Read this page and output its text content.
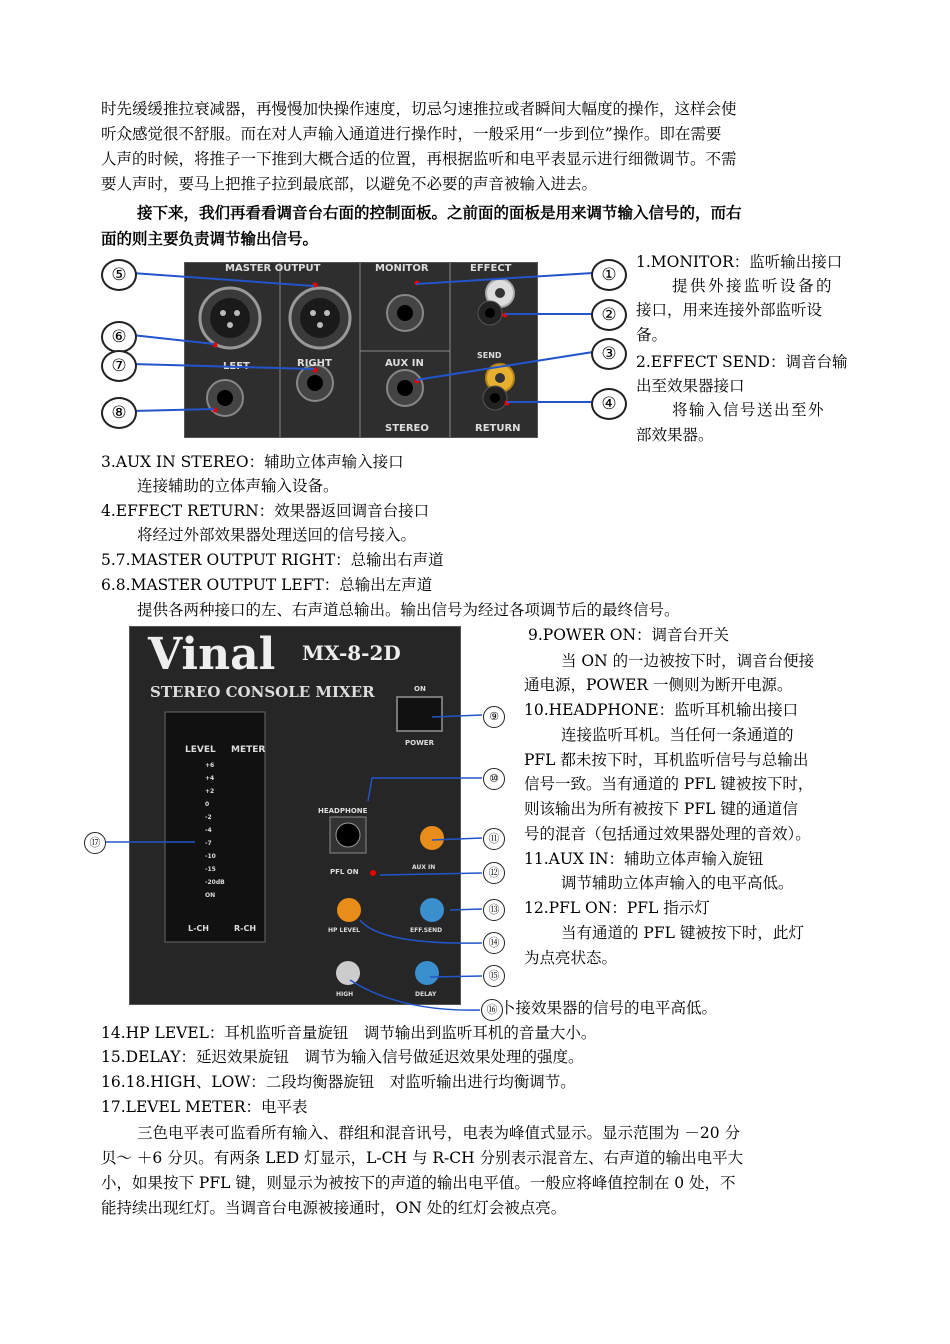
时先缓缓推拉衰减器，再慢慢加快操作速度，切忌匀速推拉或者瞬间大幅度的操作，这样会使
听众感觉很不舒服。而在对人声输入通道进行操作时，一般采用“一步到位”操作。即在需要
人声的时候，将推子一下推到大概合适的位置，再根据监听和电平表显示进行细微调节。不需
要人声时，要马上把推子拉到最底部，以避免不必要的声音被输入进去。
接下来，我们再看看调音台右面的控制面板。之前面的面板是用来调节输入信号的，而右
面的则主要负责调节输出信号。
MASTER OUTPUT	MONITOR	EFFECT
RIGHT	AUX IN
SEND
STEREO	RETURN
⑤
⑥
⑦
⑧
①
②
③
④
1.MONITOR：监听输出接口
提供外接监听设备的
接口，用来连接外部监听设
备。
2.EFFECT SEND：调音台输
出至效果器接口
将输入信号送出至外
部效果器。
3.AUX IN STEREO：辅助立体声输入接口
连接辅助的立体声输入设备。
4.EFFECT RETURN：效果器返回调音台接口
将经过外部效果器处理送回的信号接入。
5.7.MASTER OUTPUT RIGHT：总输出右声道
6.8.MASTER OUTPUT LEFT：总输出左声道
提供各两种接口的左、右声道总输出。输出信号为经过各项调节后的最终信号。
Vinal MX-8-2D
STEREO CONSOLE MIXER	ON
POWER
LEVEL METER
+6
+4
+2
0
-2
-4
-7
-10
-15
-20dB
ON
L-CH	R-CH
HEADPHONE
PFL ON
AUX IN
HP LEVEL	EFF.SEND
HIGH	DELAY
⑨
⑩
⑪
⑫
⑬
⑭
⑮
⑯
⑰
9.POWER ON：调音台开关
当 ON 的一边被按下时，调音台便接
通电源，POWER 一侧则为断开电源。
10.HEADPHONE：监听耳机输出接口
连接监听耳机。当任何一条通道的
PFL 都未按下时，耳机监听信号与总输出
信号一致。当有通道的 PFL 键被按下时，
则该输出为所有被按下 PFL 键的通道信
号的混音（包括通过效果器处理的音效）。
11.AUX IN：辅助立体声输入旋钮
调节辅助立体声输入的电平高低。
12.PFL ON：PFL 指示灯
当有通道的 PFL 键被按下时，此灯
为点亮状态。
卜接效果器的信号的电平高低。
14.HP LEVEL：耳机监听音量旋钮　调节输出到监听耳机的音量大小。
15.DELAY：延迟效果旋钮　调节为输入信号做延迟效果处理的强度。
16.18.HIGH、LOW：二段均衡器旋钮　对监听输出进行均衡调节。
17.LEVEL METER：电平表
三色电平表可监看所有输入、群组和混音讯号，电表为峰值式显示。显示范围为 －20 分
贝～ ＋6 分贝。有两条 LED 灯显示，L-CH 与 R-CH 分别表示混音左、右声道的输出电平大
小，如果按下 PFL 键，则显示为被按下的声道的输出电平值。一般应将峰值控制在 0 处，不
能持续出现红灯。当调音台电源被接通时，ON 处的红灯会被点亮。
